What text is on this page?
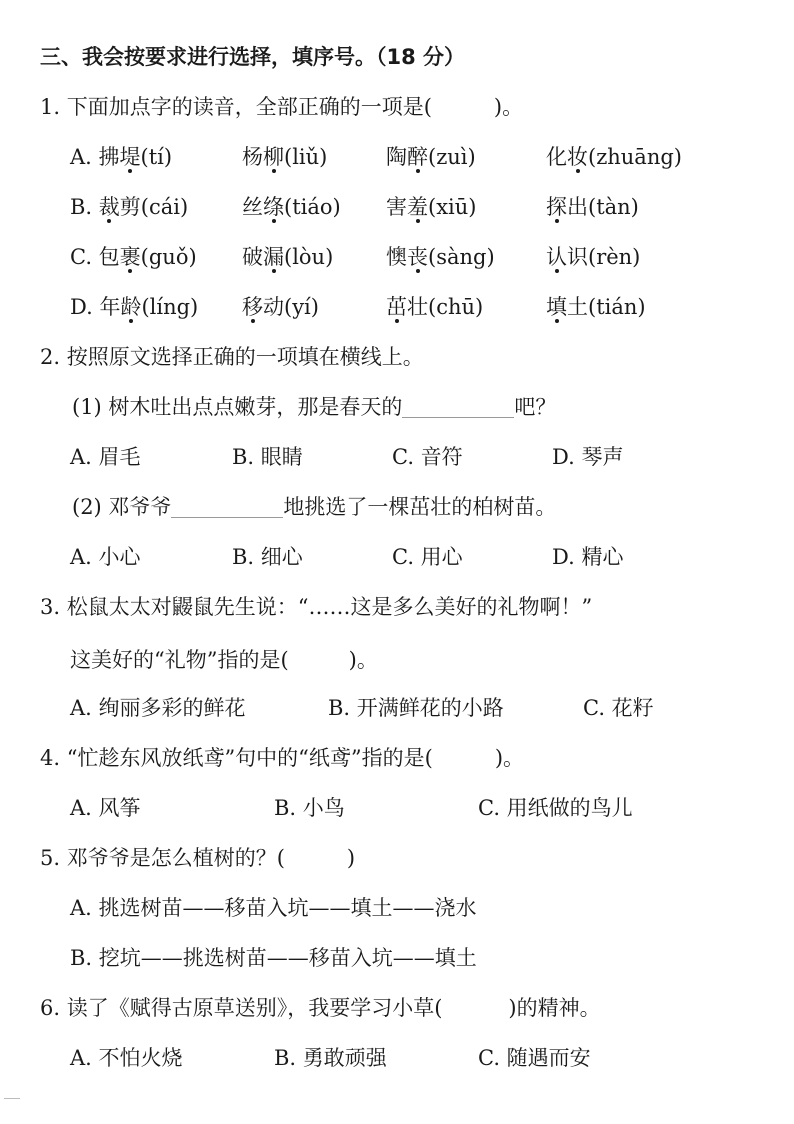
三、我会按要求进行选择，填序号。（18 分）
1. 下面加点字的读音，全部正确的一项是(	)。
A. 拂堤(tí)	杨柳(liǔ)	陶醉(zuì)	化妆(zhuāng)
B. 裁剪(cái)	丝绦(tiáo) 害羞(xiū)	探出(tàn)
C. 包裹(guǒ) 破漏(lòu)	懊丧(sàng) 认识(rèn)
D. 年龄(líng) 移动(yí)	茁壮(chū)	填土(tián)
2. 按照原文选择正确的一项填在横线上。
(1) 树木吐出点点嫩芽，那是春天的	吧？
A. 眉毛	B. 眼睛	C. 音符	D. 琴声
(2) 邓爷爷	地挑选了一棵茁壮的柏树苗。
A. 小心	B. 细心	C. 用心	D. 精心
3. 松鼠太太对鼹鼠先生说：“……这是多么美好的礼物啊！”
这美好的“礼物”指的是(	)。
A. 绚丽多彩的鲜花	B. 开满鲜花的小路	C. 花籽
4. “忙趁东风放纸鸢”句中的“纸鸢”指的是(	)。
A. 风筝	B. 小鸟	C. 用纸做的鸟儿
5. 邓爷爷是怎么植树的？(	)
A. 挑选树苗——移苗入坑——填土——浇水
B. 挖坑——挑选树苗——移苗入坑——填土
6. 读了《赋得古原草送别》，我要学习小草(	)的精神。
A. 不怕火烧	B. 勇敢顽强	C. 随遇而安
